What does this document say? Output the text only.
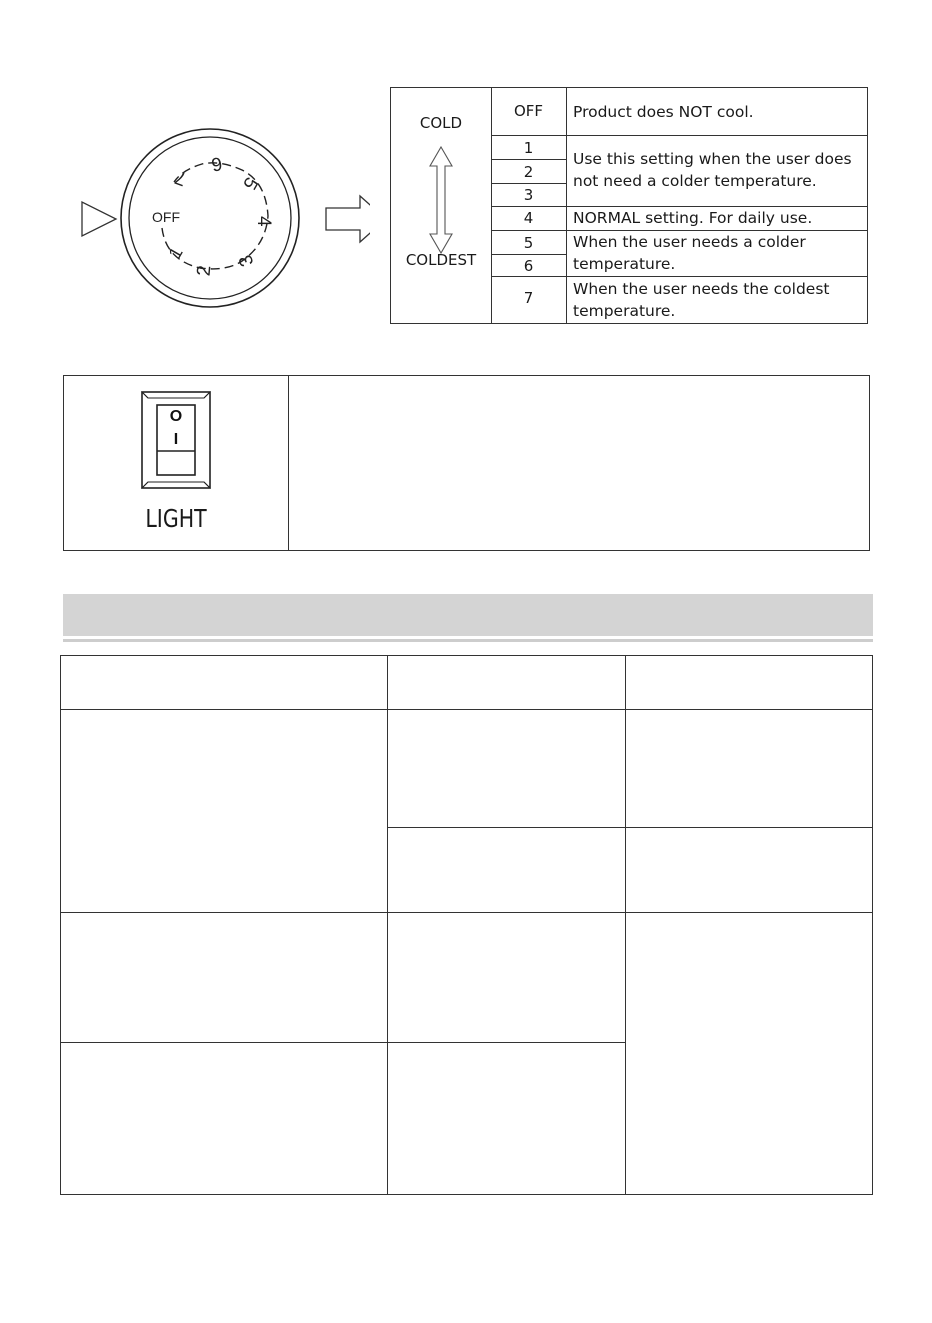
OFF
1
2
3
4
5
6
7
COLD
COLDEST
OFF
1
2
3
4
5
6
7
Product does NOT cool.
Use this setting when the user does not need a colder temperature.
NORMAL setting. For daily use.
When the user needs a colder temperature.
When the user needs the coldest temperature.
O
I
LIGHT
